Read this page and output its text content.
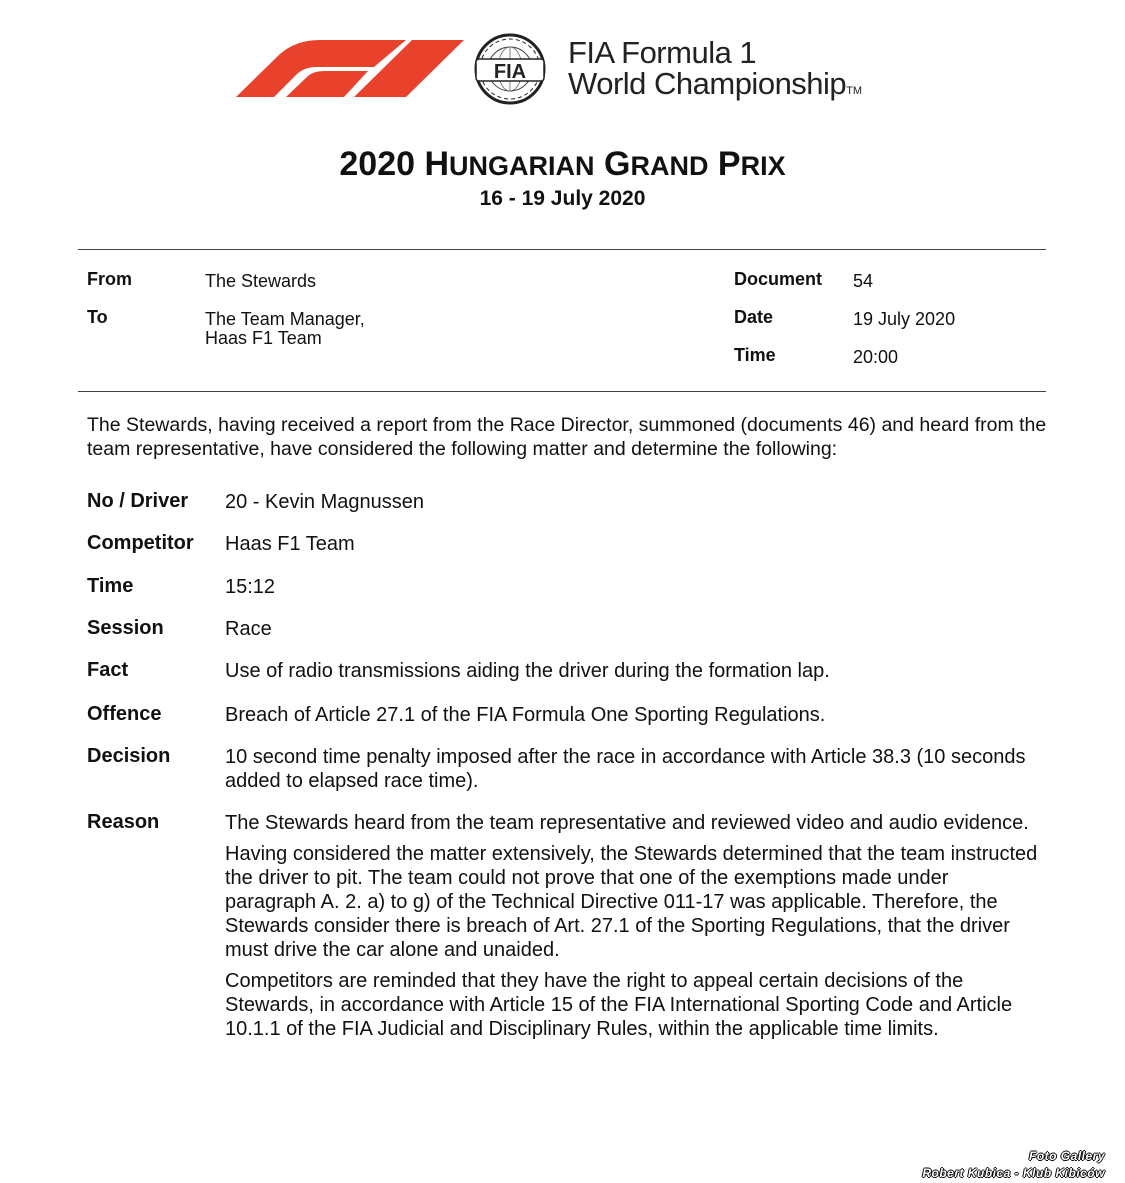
FIA
FIA Formula 1
World ChampionshipTM
2020 HUNGARIAN GRAND PRIX
16 - 19 July 2020
From	The Stewards
To	The Team Manager,
Haas F1 Team
Document 54
Date	19 July 2020
Time	20:00
The Stewards, having received a report from the Race Director, summoned (documents 46) and heard from the team representative, have considered the following matter and determine the following:
No / Driver 20 - Kevin Magnussen

Competitor Haas F1 Team

Time	15:12

Session	Race

Fact	Use of radio transmissions aiding the driver during the formation lap.

Offence	Breach of Article 27.1 of the FIA Formula One Sporting Regulations.

Decision	10 second time penalty imposed after the race in accordance with Article 38.3 (10 seconds added to elapsed race time).

Reason	The Stewards heard from the team representative and reviewed video and audio evidence.

Having considered the matter extensively, the Stewards determined that the team instructed the driver to pit. The team could not prove that one of the exemptions made under paragraph A. 2. a) to g) of the Technical Directive 011-17 was applicable. Therefore, the Stewards consider there is breach of Art. 27.1 of the Sporting Regulations, that the driver must drive the car alone and unaided.

Competitors are reminded that they have the right to appeal certain decisions of the Stewards, in accordance with Article 15 of the FIA International Sporting Code and Article 10.1.1 of the FIA Judicial and Disciplinary Rules, within the applicable time limits.

Foto Gallery
Robert Kubica - Klub Kibiców
